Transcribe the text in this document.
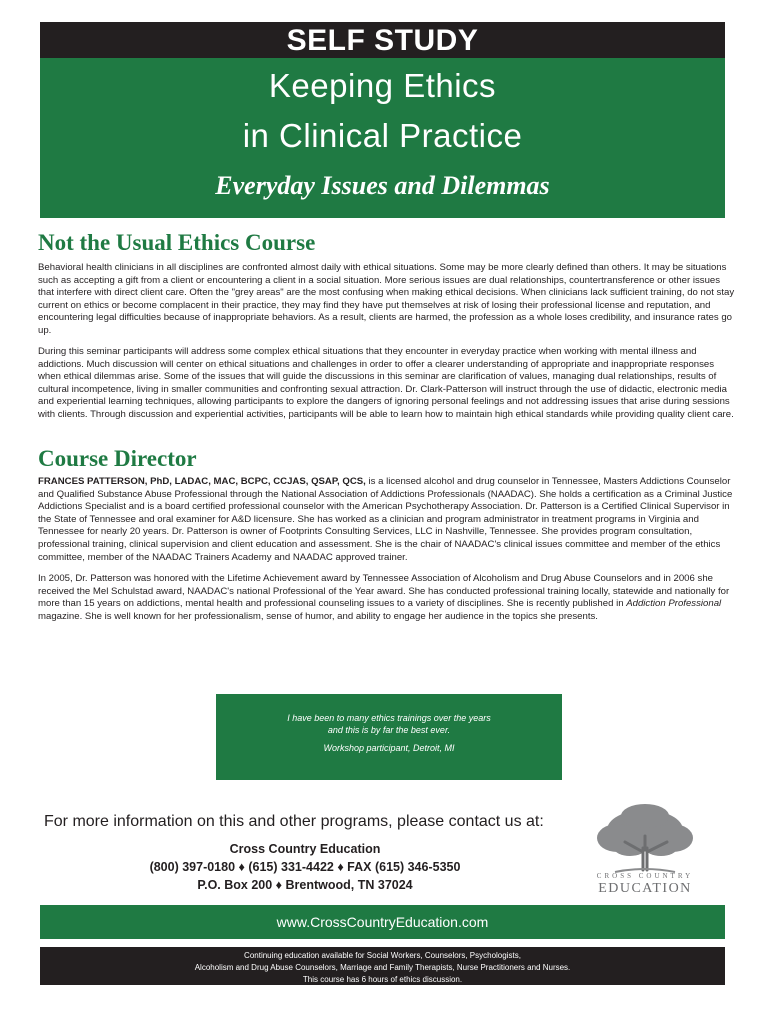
SELF STUDY
Keeping Ethics
in Clinical Practice
Everyday Issues and Dilemmas
Not the Usual Ethics Course

Behavioral health clinicians in all disciplines are confronted almost daily with ethical situations. Some may be more clearly defined than others. It may be situations such as accepting a gift from a client or encountering a client in a social situation. More serious issues are dual relationships, countertransference or other issues that interfere with direct client care. Often the "grey areas" are the most confusing when making ethical decisions. When clinicians lack sufficient training, do not stay current on ethics or become complacent in their practice, they may find they have put themselves at risk of losing their professional license and reputation, and encountering legal difficulties because of inappropriate behaviors. As a result, clients are harmed, the profession as a whole loses credibility, and insurance rates go up.

During this seminar participants will address some complex ethical situations that they encounter in everyday practice when working with mental illness and addictions. Much discussion will center on ethical situations and challenges in order to offer a clearer understanding of appropriate and inappropriate responses when ethical dilemmas arise. Some of the issues that will guide the discussions in this seminar are clarification of values, managing dual relationships, results of cultural incompetence, living in smaller communities and confronting sexual attraction. Dr. Clark-Patterson will instruct through the use of didactic, electronic media and experiential learning techniques, allowing participants to explore the dangers of ignoring personal feelings and not addressing issues that arise during sessions with clients. Through discussion and experiential activities, participants will be able to learn how to maintain high ethical standards while providing quality client care.

Course Director

FRANCES PATTERSON, PhD, LADAC, MAC, BCPC, CCJAS, QSAP, QCS, is a licensed alcohol and drug counselor in Tennessee, Masters Addictions Counselor and Qualified Substance Abuse Professional through the National Association of Addictions Professionals (NAADAC). She holds a certification as a Criminal Justice Addictions Specialist and is a board certified professional counselor with the American Psychotherapy Association. Dr. Patterson is a Certified Clinical Supervisor in the State of Tennessee and oral examiner for A&D licensure. She has worked as a clinician and program administrator in treatment programs in Virginia and Tennessee for nearly 20 years. Dr. Patterson is owner of Footprints Consulting Services, LLC in Nashville, Tennessee. She provides program consultation, professional training, clinical supervision and client education and assessment. She is the chair of NAADAC's clinical issues committee and member of the ethics committee, member of the NAADAC Trainers Academy and NAADAC approved trainer.

In 2005, Dr. Patterson was honored with the Lifetime Achievement award by Tennessee Association of Alcoholism and Drug Abuse Counselors and in 2006 she received the Mel Schulstad award, NAADAC's national Professional of the Year award. She has conducted professional training locally, statewide and nationally for more than 15 years on addictions, mental health and professional counseling issues to a variety of disciplines. She is recently published in Addiction Professional magazine. She is well known for her professionalism, sense of humor, and ability to engage her audience in the topics she presents.

I have been to many ethics trainings over the years
and this is by far the best ever.
Workshop participant, Detroit, MI
For more information on this and other programs, please contact us at:
Cross Country Education
(800) 397-0180 ♦ (615) 331-4422 ♦ FAX (615) 346-5350
P.O. Box 200 ♦ Brentwood, TN 37024
CROSS COUNTRY
EDUCATION
www.CrossCountryEducation.com
Continuing education available for Social Workers, Counselors, Psychologists,
Alcoholism and Drug Abuse Counselors, Marriage and Family Therapists, Nurse Practitioners and Nurses.
This course has 6 hours of ethics discussion.
